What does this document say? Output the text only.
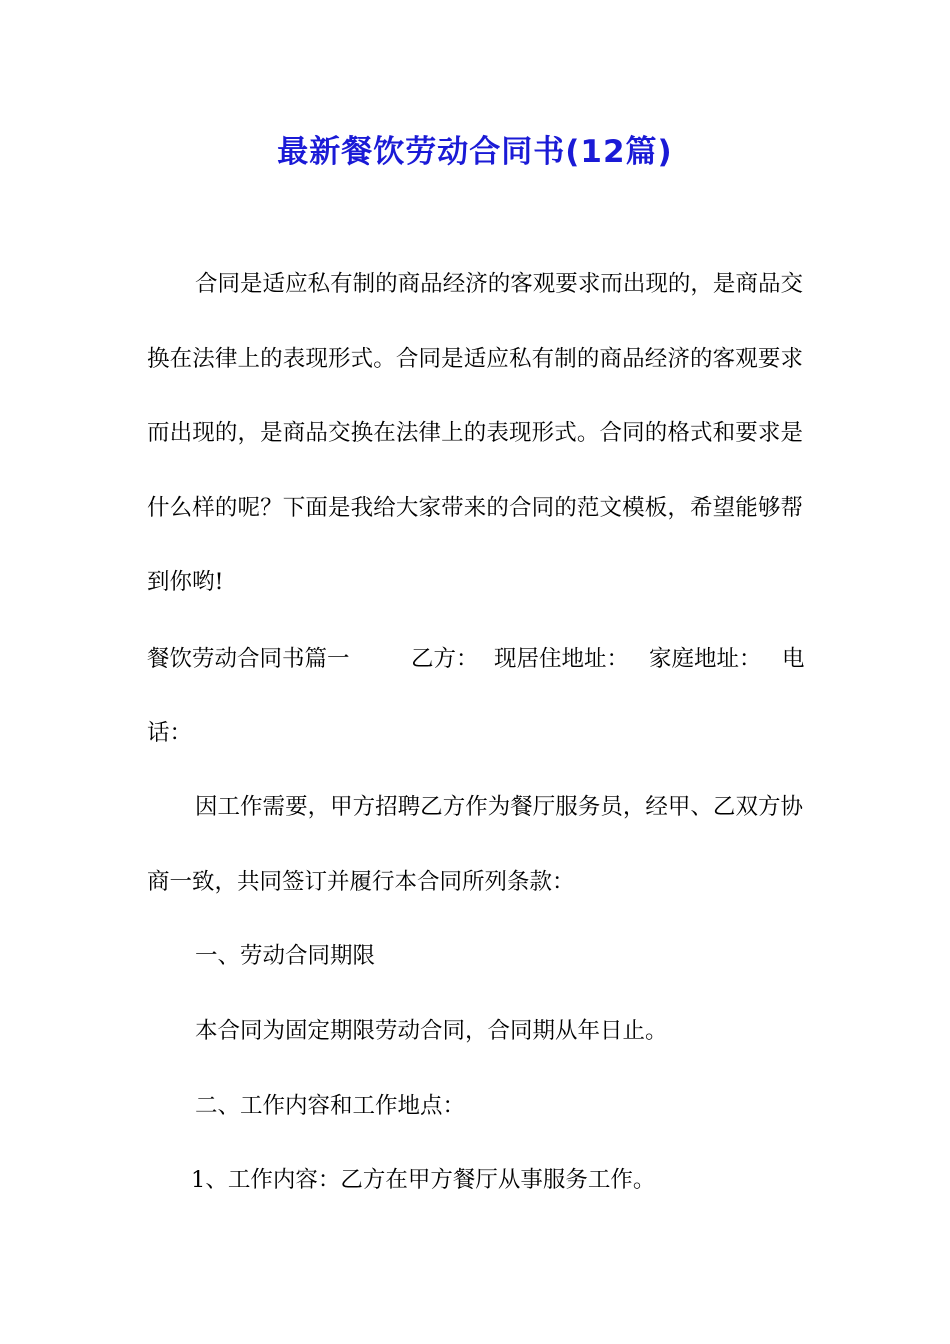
最新餐饮劳动合同书(12篇)

合同是适应私有制的商品经济的客观要求而出现的，是商品交换在法律上的表现形式。合同是适应私有制的商品经济的客观要求而出现的，是商品交换在法律上的表现形式。合同的格式和要求是什么样的呢？下面是我给大家带来的合同的范文模板，希望能够帮到你哟!

餐饮劳动合同书篇一	乙方： 现居住地址： 家庭地址： 电
话：

因工作需要，甲方招聘乙方作为餐厅服务员，经甲、乙双方协商一致，共同签订并履行本合同所列条款：

一、劳动合同期限
本合同为固定期限劳动合同，合同期从年日止。
二、工作内容和工作地点：
1、工作内容：乙方在甲方餐厅从事服务工作。
